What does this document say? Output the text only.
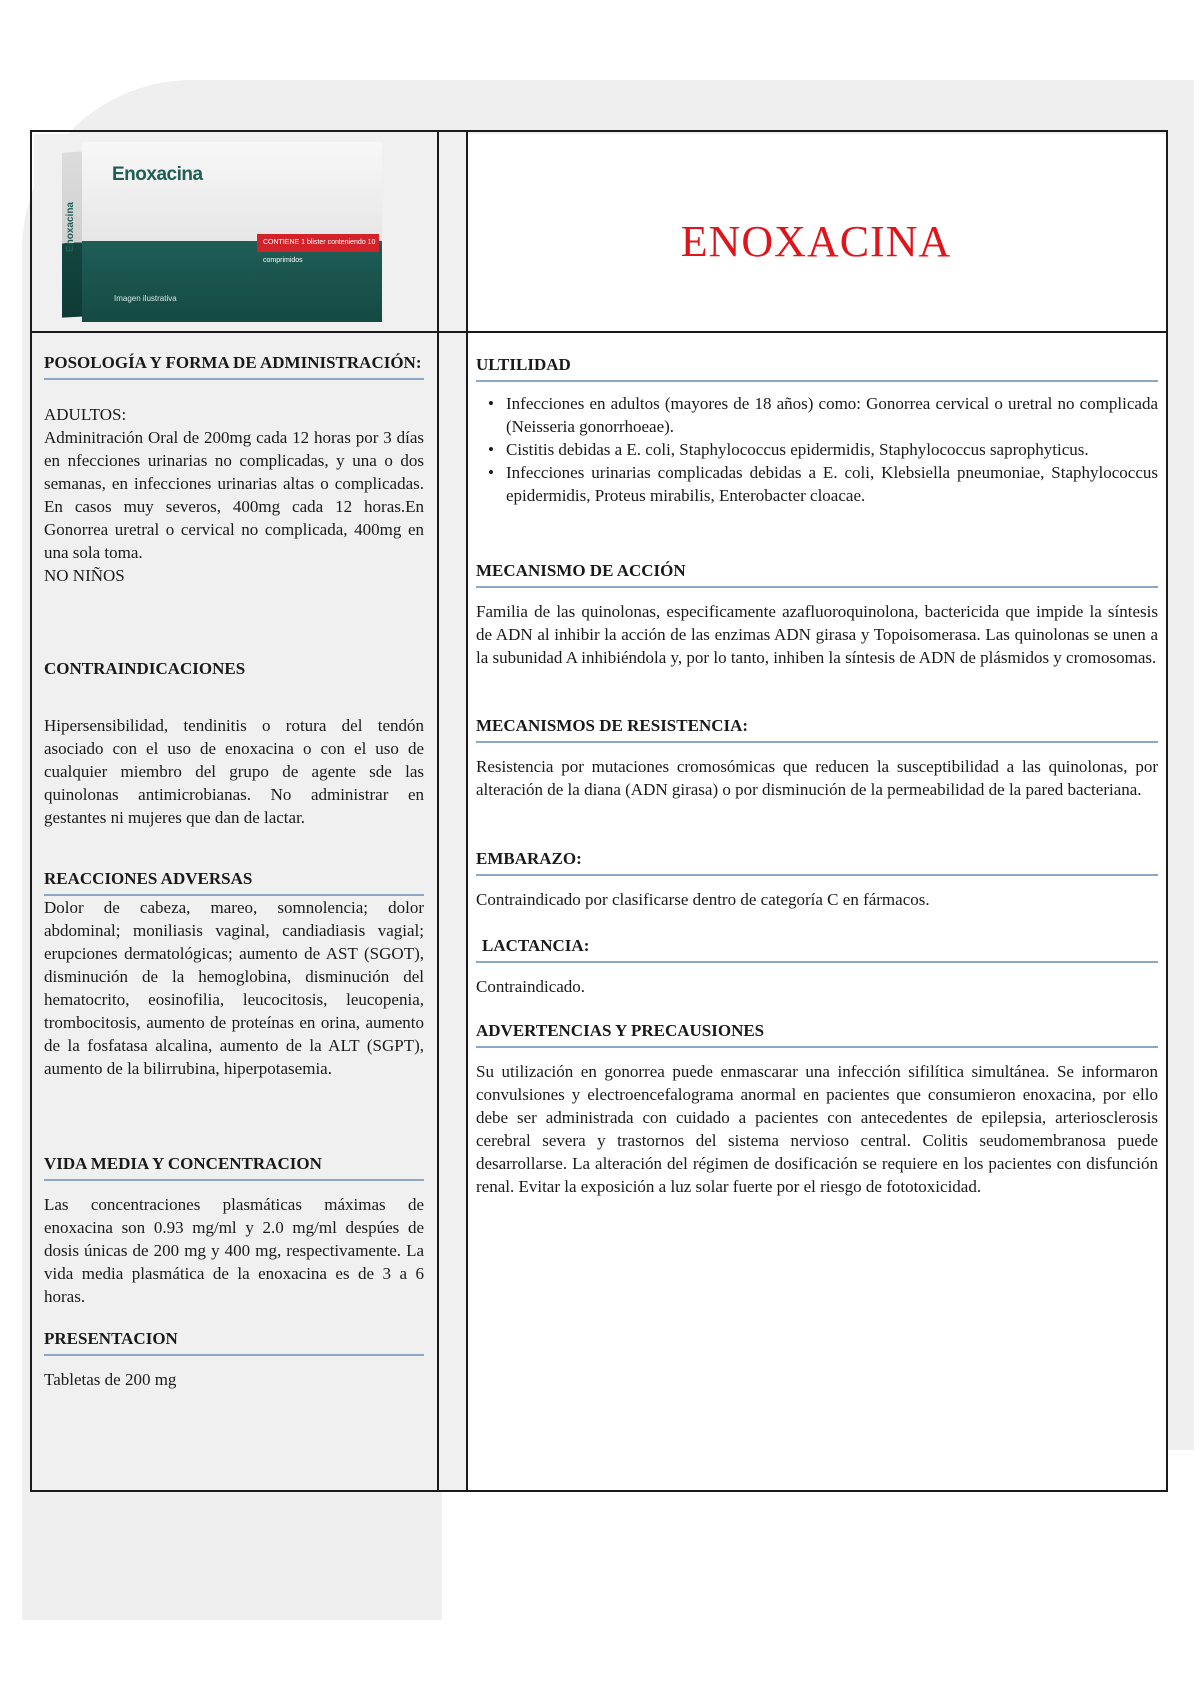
Enoxacina
Enoxacina
CONTIENE 1 blister conteniendo 10 comprimidos
Imagen ilustrativa
ENOXACINA

POSOLOGÍA Y FORMA DE ADMINISTRACIÓN:

ADULTOS:

Adminitración Oral de 200mg cada 12 horas por 3 días en nfecciones urinarias no complicadas, y una o dos semanas, en infecciones urinarias altas o complicadas. En casos muy severos, 400mg cada 12 horas.En Gonorrea uretral o cervical no complicada, 400mg en una sola toma.

NO NIÑOS

CONTRAINDICACIONES

Hipersensibilidad, tendinitis o rotura del tendón asociado con el uso de enoxacina o con el uso de cualquier miembro del grupo de agente sde las quinolonas antimicrobianas. No administrar en gestantes ni mujeres que dan de lactar.

REACCIONES ADVERSAS

Dolor de cabeza, mareo, somnolencia; dolor abdominal; moniliasis vaginal, candiadiasis vagial; erupciones dermatológicas; aumento de AST (SGOT), disminución de la hemoglobina, disminución del hematocrito, eosinofilia, leucocitosis, leucopenia, trombocitosis, aumento de proteínas en orina, aumento de la fosfatasa alcalina, aumento de la ALT (SGPT), aumento de la bilirrubina, hiperpotasemia.

VIDA MEDIA Y CONCENTRACION

Las concentraciones plasmáticas máximas de enoxacina son 0.93 mg/ml y 2.0 mg/ml despúes de dosis únicas de 200 mg y 400 mg, respectivamente. La vida media plasmática de la enoxacina es de 3 a 6 horas.

PRESENTACION

Tabletas de 200 mg

ULTILIDAD

• Infecciones en adultos (mayores de 18 años) como: Gonorrea cervical o uretral no complicada (Neisseria gonorrhoeae).
• Cistitis debidas a E. coli, Staphylococcus epidermidis, Staphylococcus saprophyticus.
• Infecciones urinarias complicadas debidas a E. coli, Klebsiella pneumoniae, Staphylococcus epidermidis, Proteus mirabilis, Enterobacter cloacae.

MECANISMO DE ACCIÓN

Familia de las quinolonas, especificamente azafluoroquinolona, bactericida que impide la síntesis de ADN al inhibir la acción de las enzimas ADN girasa y Topoisomerasa. Las quinolonas se unen a la subunidad A inhibiéndola y, por lo tanto, inhiben la síntesis de ADN de plásmidos y cromosomas.

MECANISMOS DE RESISTENCIA:

Resistencia por mutaciones cromosómicas que reducen la susceptibilidad a las quinolonas, por alteración de la diana (ADN girasa) o por disminución de la permeabilidad de la pared bacteriana.

EMBARAZO:

Contraindicado por clasificarse dentro de categoría C en fármacos.

LACTANCIA:

Contraindicado.

ADVERTENCIAS Y PRECAUSIONES

Su utilización en gonorrea puede enmascarar una infección sifilítica simultánea. Se informaron convulsiones y electroencefalograma anormal en pacientes que consumieron enoxacina, por ello debe ser administrada con cuidado a pacientes con antecedentes de epilepsia, arteriosclerosis cerebral severa y trastornos del sistema nervioso central. Colitis seudomembranosa puede desarrollarse. La alteración del régimen de dosificación se requiere en los pacientes con disfunción renal. Evitar la exposición a luz solar fuerte por el riesgo de fototoxicidad.
